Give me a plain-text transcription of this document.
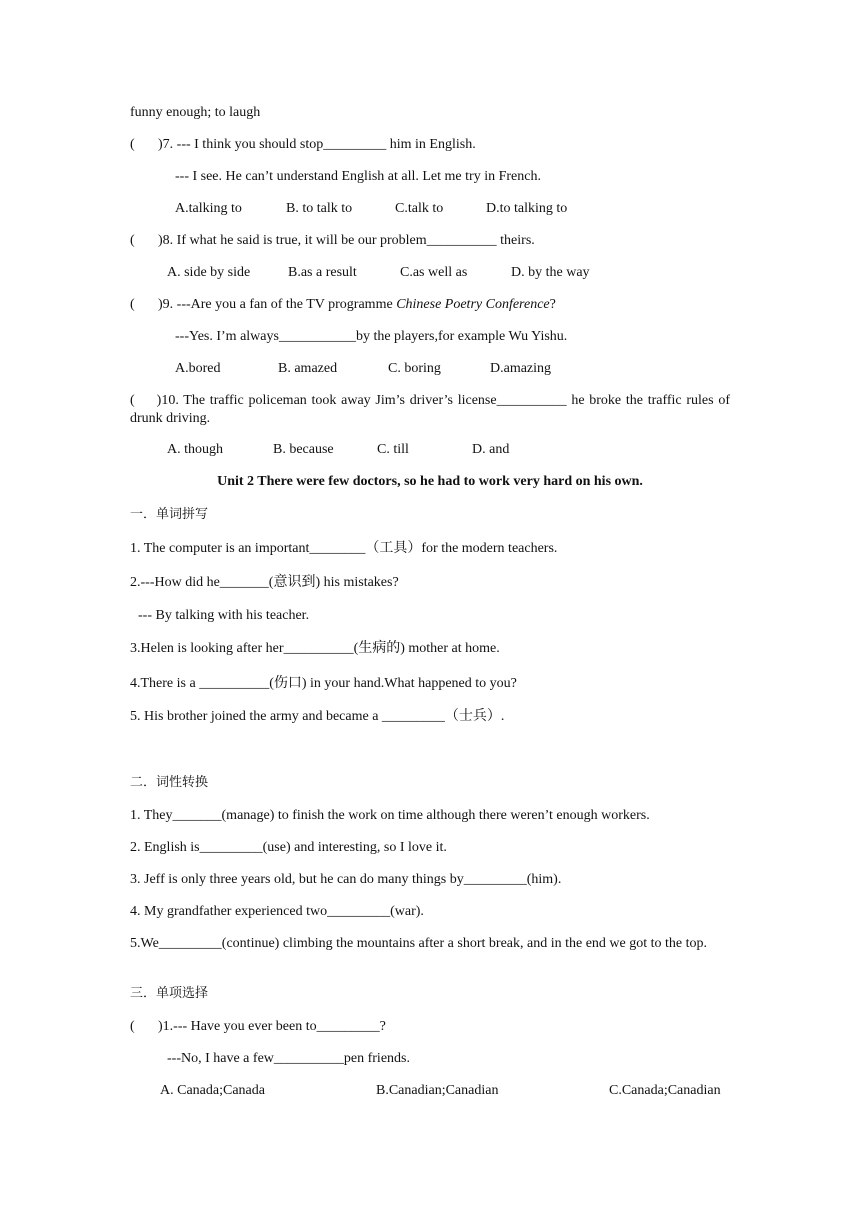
funny enough; to laugh
( )7. --- I think you should stop_________ him in English.
--- I see. He can’t understand English at all. Let me try in French.
A.talking to	B. to talk to	C.talk to	D.to talking to
( )8. If what he said is true, it will be our problem__________ theirs.
A. side by side	B.as a result	C.as well as	D. by the way
( )9. ---Are you a fan of the TV programme Chinese Poetry Conference?
---Yes. I’m always___________by the players,for example Wu Yishu.
A.bored	B. amazed	C. boring	D.amazing
( )10. The traffic policeman took away Jim’s driver’s license__________ he broke the traffic rules of drunk driving.
A. though	B. because	C. till	D. and
Unit 2 There were few doctors, so he had to work very hard on his own.
一．单词拼写
1. The computer is an important________（工具）for the modern teachers.
2.---How did he_______(意识到) his mistakes?
--- By talking with his teacher.
3.Helen is looking after her__________(生病的) mother at home.
4.There is a __________(伤口) in your hand.What happened to you?
5. His brother joined the army and became a _________（士兵）.
二．词性转换
1. They_______(manage) to finish the work on time although there weren’t enough workers.
2. English is_________(use) and interesting, so I love it.
3. Jeff is only three years old, but he can do many things by_________(him).
4. My grandfather experienced two_________(war).
5.We_________(continue) climbing the mountains after a short break, and in the end we got to the top.
三．单项选择
( )1.--- Have you ever been to_________?
---No, I have a few__________pen friends.
A. Canada;Canada	B.Canadian;Canadian	C.Canada;Canadian
